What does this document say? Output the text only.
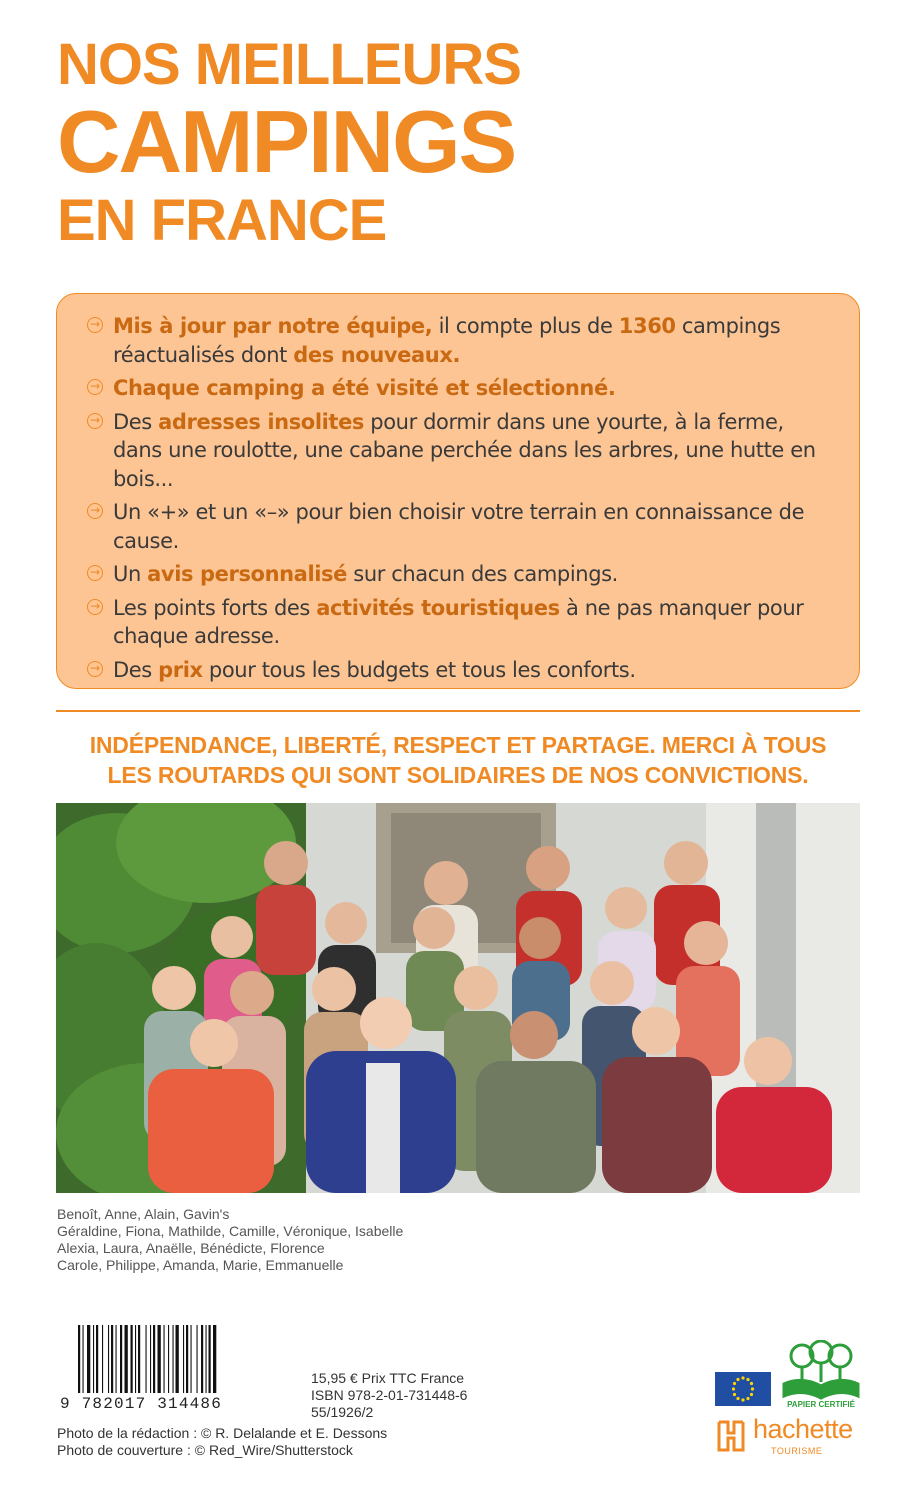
NOS MEILLEURS
CAMPINGS
EN FRANCE
→ Mis à jour par notre équipe, il compte plus de 1360 campings réactualisés dont des nouveaux.
→ Chaque camping a été visité et sélectionné.
→ Des adresses insolites pour dormir dans une yourte, à la ferme, dans une roulotte, une cabane perchée dans les arbres, une hutte en bois...
→ Un «+» et un «–» pour bien choisir votre terrain en connaissance de cause.
→ Un avis personnalisé sur chacun des campings.
→ Les points forts des activités touristiques à ne pas manquer pour chaque adresse.
→ Des prix pour tous les budgets et tous les conforts.
INDÉPENDANCE, LIBERTÉ, RESPECT ET PARTAGE. MERCI À TOUS
LES ROUTARDS QUI SONT SOLIDAIRES DE NOS CONVICTIONS.
Benoît, Anne, Alain, Gavin's
Géraldine, Fiona, Mathilde, Camille, Véronique, Isabelle
Alexia, Laura, Anaëlle, Bénédicte, Florence
Carole, Philippe, Amanda, Marie, Emmanuelle
9 782017 314486
15,95 € Prix TTC France
ISBN 978-2-01-731448-6
55/1926/2
Photo de la rédaction : © R. Delalande et E. Dessons
Photo de couverture : © Red_Wire/Shutterstock
PAPIER CERTIFIÉ
hachette
TOURISME
